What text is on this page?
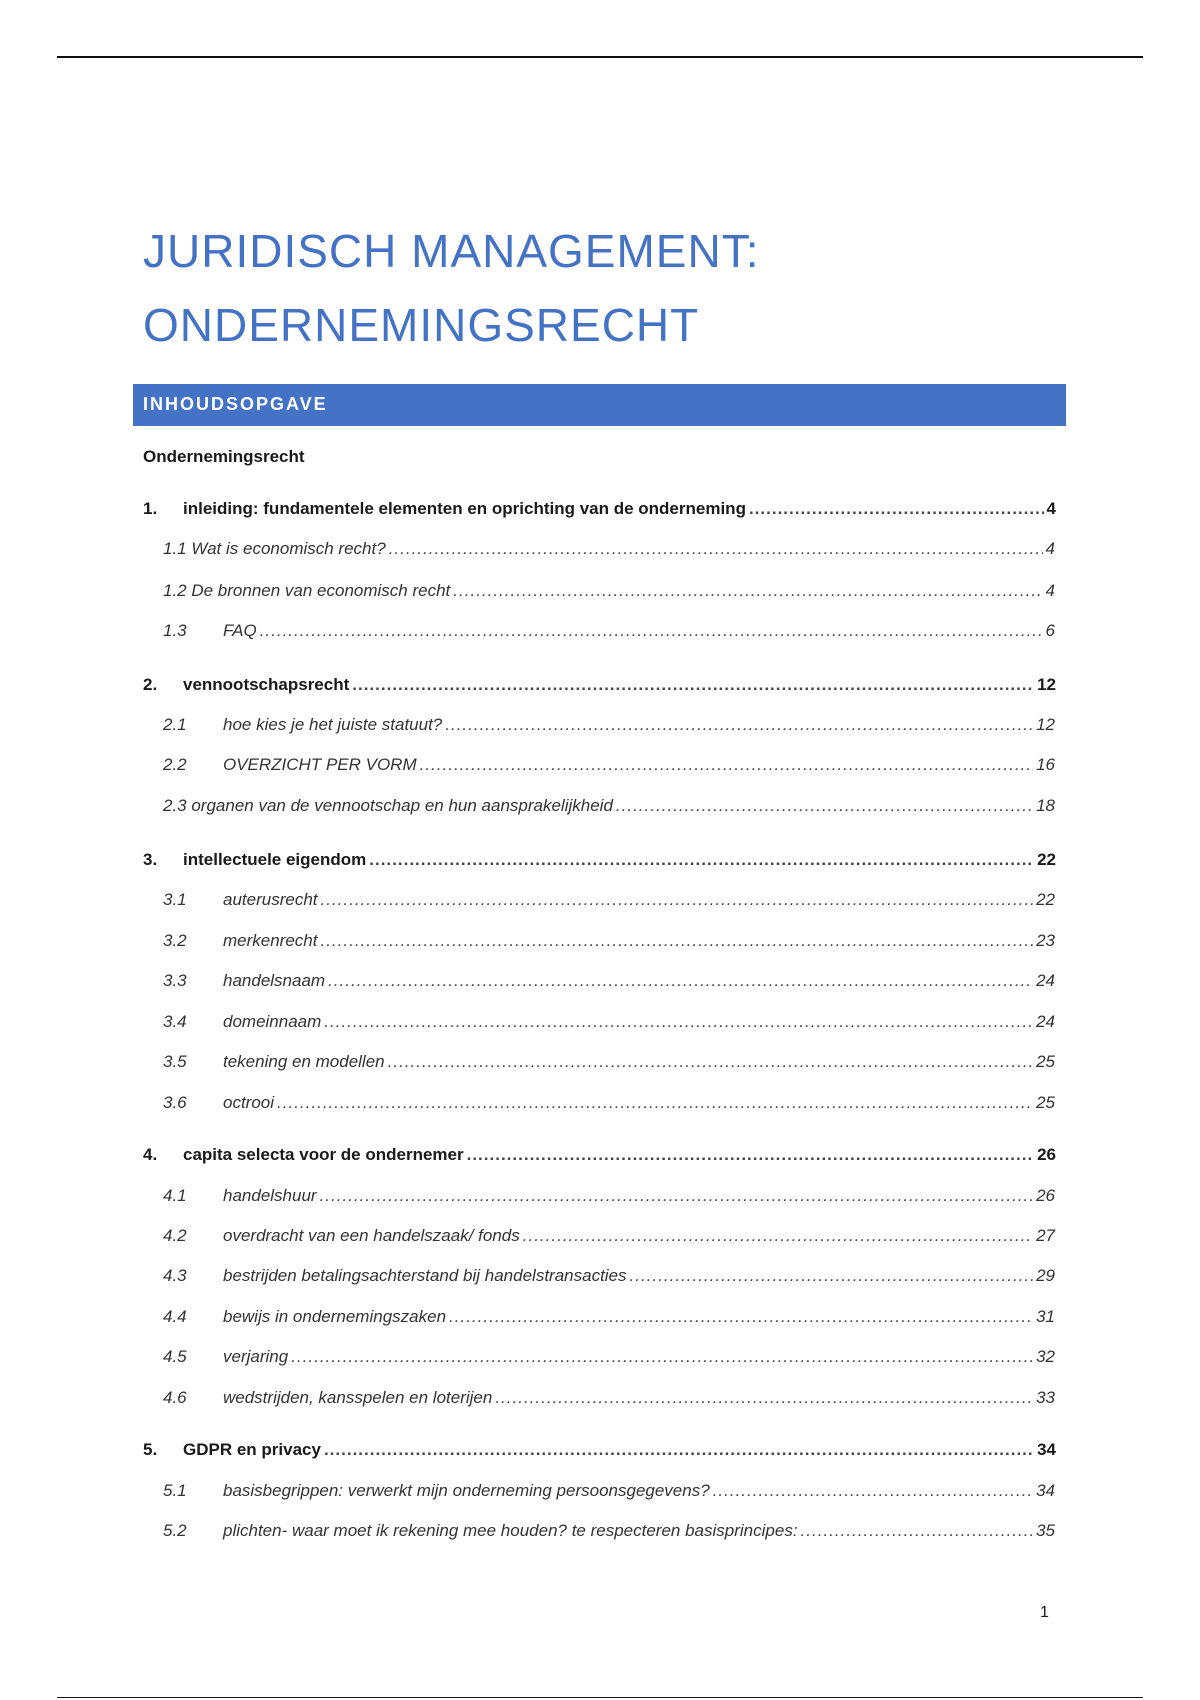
JURIDISCH MANAGEMENT:
ONDERNEMINGSRECHT
INHOUDSOPGAVE
Ondernemingsrecht
1.	inleiding: fundamentele elementen en oprichting van de onderneming .....	4
1.1 Wat is economisch recht? .....	4
1.2 De bronnen van economisch recht .....	4
1.3	FAQ .....	6
2.	vennootschapsrecht .....	12
2.1	hoe kies je het juiste statuut? .....	12
2.2	OVERZICHT PER VORM .....	16
2.3 organen van de vennootschap en hun aansprakelijkheid .....	18
3.	intellectuele eigendom .....	22
3.1	auterusrecht .....	22
3.2	merkenrecht .....	23
3.3	handelsnaam .....	24
3.4	domeinnaam .....	24
3.5	tekening en modellen .....	25
3.6	octrooi .....	25
4.	capita selecta voor de ondernemer .....	26
4.1	handelshuur .....	26
4.2	overdracht van een handelszaak/ fonds .....	27
4.3	bestrijden betalingsachterstand bij handelstransacties .....	29
4.4	bewijs in ondernemingszaken .....	31
4.5	verjaring .....	32
4.6	wedstrijden, kansspelen en loterijen .....	33
5.	GDPR en privacy .....	34
5.1	basisbegrippen: verwerkt mijn onderneming persoonsgegevens? .....	34
5.2	plichten- waar moet ik rekening mee houden? te respecteren basisprincipes: .....	35
1
